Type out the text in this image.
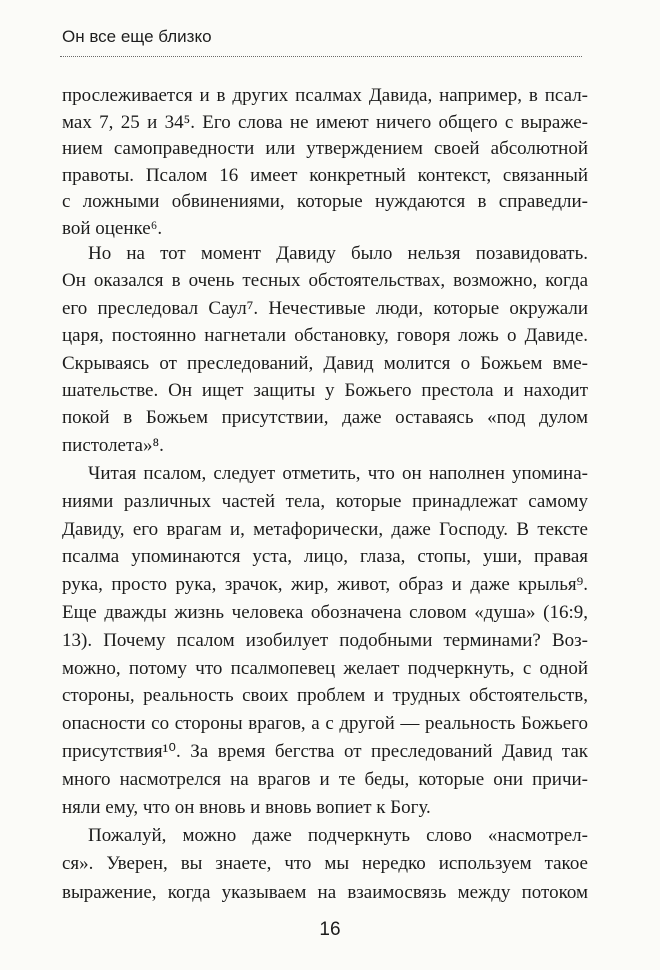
Он все еще близко
прослеживается и в других псалмах Давида, например, в псал-
мах 7, 25 и 34⁵. Его слова не имеют ничего общего с выраже-
нием самоправедности или утверждением своей абсолютной
правоты. Псалом 16 имеет конкретный контекст, связанный
с ложными обвинениями, которые нуждаются в справедли-
вой оценке⁶.
Но на тот момент Давиду было нельзя позавидовать.
Он оказался в очень тесных обстоятельствах, возможно, когда
его преследовал Саул⁷. Нечестивые люди, которые окружали
царя, постоянно нагнетали обстановку, говоря ложь о Давиде.
Скрываясь от преследований, Давид молится о Божьем вме-
шательстве. Он ищет защиты у Божьего престола и находит
покой в Божьем присутствии, даже оставаясь «под дулом
пистолета»⁸.
Читая псалом, следует отметить, что он наполнен упомина-
ниями различных частей тела, которые принадлежат самому
Давиду, его врагам и, метафорически, даже Господу. В тексте
псалма упоминаются уста, лицо, глаза, стопы, уши, правая
рука, просто рука, зрачок, жир, живот, образ и даже крылья⁹.
Еще дважды жизнь человека обозначена словом «душа» (16:9,
13). Почему псалом изобилует подобными терминами? Воз-
можно, потому что псалмопевец желает подчеркнуть, с одной
стороны, реальность своих проблем и трудных обстоятельств,
опасности со стороны врагов, а с другой — реальность Божьего
присутствия¹⁰. За время бегства от преследований Давид так
много насмотрелся на врагов и те беды, которые они причи-
няли ему, что он вновь и вновь вопиет к Богу.
Пожалуй, можно даже подчеркнуть слово «насмотрел-
ся». Уверен, вы знаете, что мы нередко используем такое
выражение, когда указываем на взаимосвязь между потоком
16
